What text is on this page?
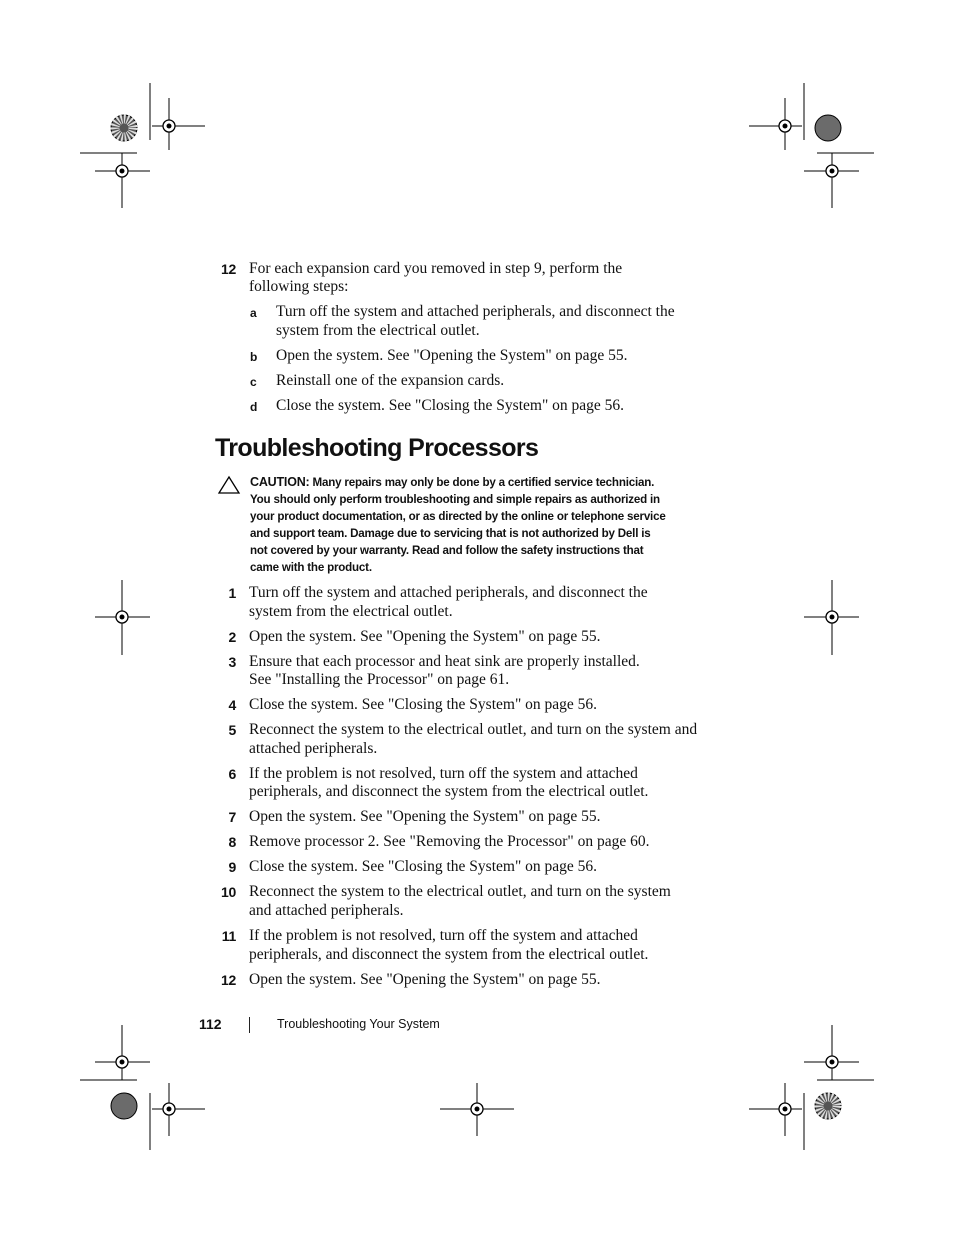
12 For each expansion card you removed in step 9, perform the
following steps:
a Turn off the system and attached peripherals, and disconnect the
system from the electrical outlet.
b Open the system. See "Opening the System" on page 55.
c Reinstall one of the expansion cards.
d Close the system. See "Closing the System" on page 56.
Troubleshooting Processors
CAUTION: Many repairs may only be done by a certified service technician.
You should only perform troubleshooting and simple repairs as authorized in
your product documentation, or as directed by the online or telephone service
and support team. Damage due to servicing that is not authorized by Dell is
not covered by your warranty. Read and follow the safety instructions that
came with the product.
1 Turn off the system and attached peripherals, and disconnect the
system from the electrical outlet.
2 Open the system. See "Opening the System" on page 55.
3 Ensure that each processor and heat sink are properly installed.
See "Installing the Processor" on page 61.
4 Close the system. See "Closing the System" on page 56.
5 Reconnect the system to the electrical outlet, and turn on the system and
attached peripherals.
6 If the problem is not resolved, turn off the system and attached
peripherals, and disconnect the system from the electrical outlet.
7 Open the system. See "Opening the System" on page 55.
8 Remove processor 2. See "Removing the Processor" on page 60.
9 Close the system. See "Closing the System" on page 56.
10 Reconnect the system to the electrical outlet, and turn on the system
and attached peripherals.
11 If the problem is not resolved, turn off the system and attached
peripherals, and disconnect the system from the electrical outlet.
12 Open the system. See "Opening the System" on page 55.
112	Troubleshooting Your System
